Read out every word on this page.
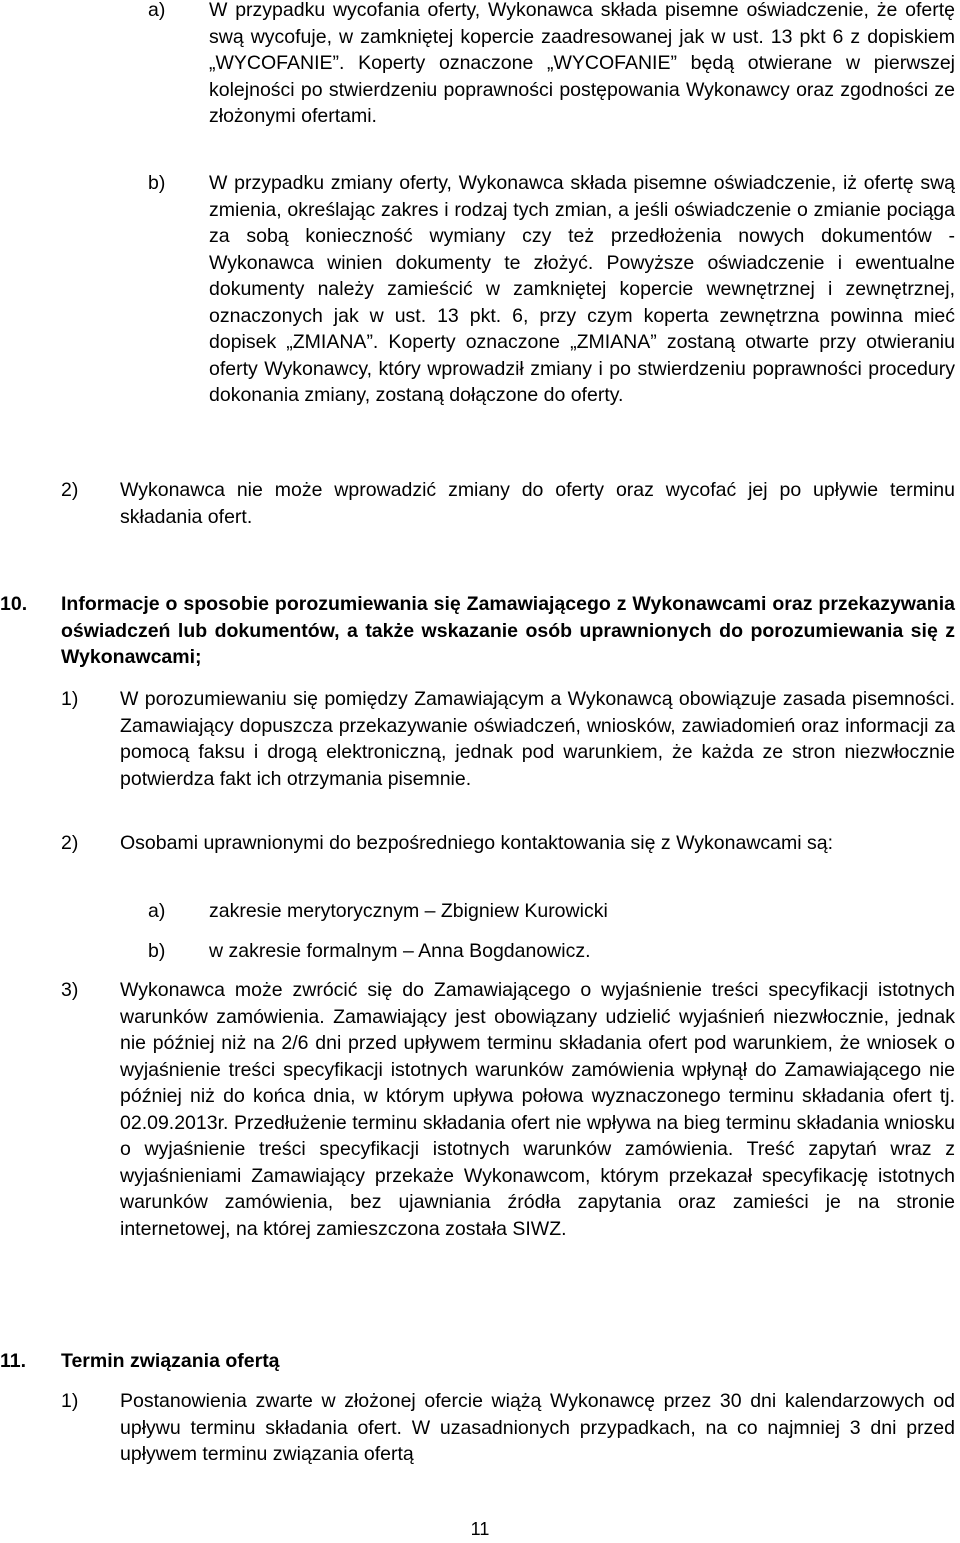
a) W przypadku wycofania oferty, Wykonawca składa pisemne oświadczenie, że ofertę swą wycofuje, w zamkniętej kopercie zaadresowanej jak w ust. 13 pkt 6 z dopiskiem „WYCOFANIE”. Koperty oznaczone „WYCOFANIE” będą otwierane w pierwszej kolejności po stwierdzeniu poprawności postępowania Wykonawcy oraz zgodności ze złożonymi ofertami.
b) W przypadku zmiany oferty, Wykonawca składa pisemne oświadczenie, iż ofertę swą zmienia, określając zakres i rodzaj tych zmian, a jeśli oświadczenie o zmianie pociąga za sobą konieczność wymiany czy też przedłożenia nowych dokumentów - Wykonawca winien dokumenty te złożyć. Powyższe oświadczenie i ewentualne dokumenty należy zamieścić w zamkniętej kopercie wewnętrznej i zewnętrznej, oznaczonych jak w ust. 13 pkt. 6, przy czym koperta zewnętrzna powinna mieć dopisek „ZMIANA”. Koperty oznaczone „ZMIANA” zostaną otwarte przy otwieraniu oferty Wykonawcy, który wprowadził zmiany i po stwierdzeniu poprawności procedury dokonania zmiany, zostaną dołączone do oferty.
2) Wykonawca nie może wprowadzić zmiany do oferty oraz wycofać jej po upływie terminu składania ofert.
10. Informacje o sposobie porozumiewania się Zamawiającego z Wykonawcami oraz przekazywania oświadczeń lub dokumentów, a także wskazanie osób uprawnionych do porozumiewania się z Wykonawcami;
1) W porozumiewaniu się pomiędzy Zamawiającym a Wykonawcą obowiązuje zasada pisemności. Zamawiający dopuszcza przekazywanie oświadczeń, wniosków, zawiadomień oraz informacji za pomocą faksu i drogą elektroniczną, jednak pod warunkiem, że każda ze stron niezwłocznie potwierdza fakt ich otrzymania pisemnie.
2) Osobami uprawnionymi do bezpośredniego kontaktowania się z Wykonawcami są:
a) zakresie merytorycznym – Zbigniew Kurowicki
b) w zakresie formalnym – Anna Bogdanowicz.
3) Wykonawca może zwrócić się do Zamawiającego o wyjaśnienie treści specyfikacji istotnych warunków zamówienia. Zamawiający jest obowiązany udzielić wyjaśnień niezwłocznie, jednak nie później niż na 2/6 dni przed upływem terminu składania ofert pod warunkiem, że wniosek o wyjaśnienie treści specyfikacji istotnych warunków zamówienia wpłynął do Zamawiającego nie później niż do końca dnia, w którym upływa połowa wyznaczonego terminu składania ofert tj. 02.09.2013r. Przedłużenie terminu składania ofert nie wpływa na bieg terminu składania wniosku o wyjaśnienie treści specyfikacji istotnych warunków zamówienia. Treść zapytań wraz z wyjaśnieniami Zamawiający przekaże Wykonawcom, którym przekazał specyfikację istotnych warunków zamówienia, bez ujawniania źródła zapytania oraz zamieści je na stronie internetowej, na której zamieszczona została SIWZ.
11. Termin związania ofertą
1) Postanowienia zwarte w złożonej ofercie wiążą Wykonawcę przez 30 dni kalendarzowych od upływu terminu składania ofert. W uzasadnionych przypadkach, na co najmniej 3 dni przed upływem terminu związania ofertą
11
